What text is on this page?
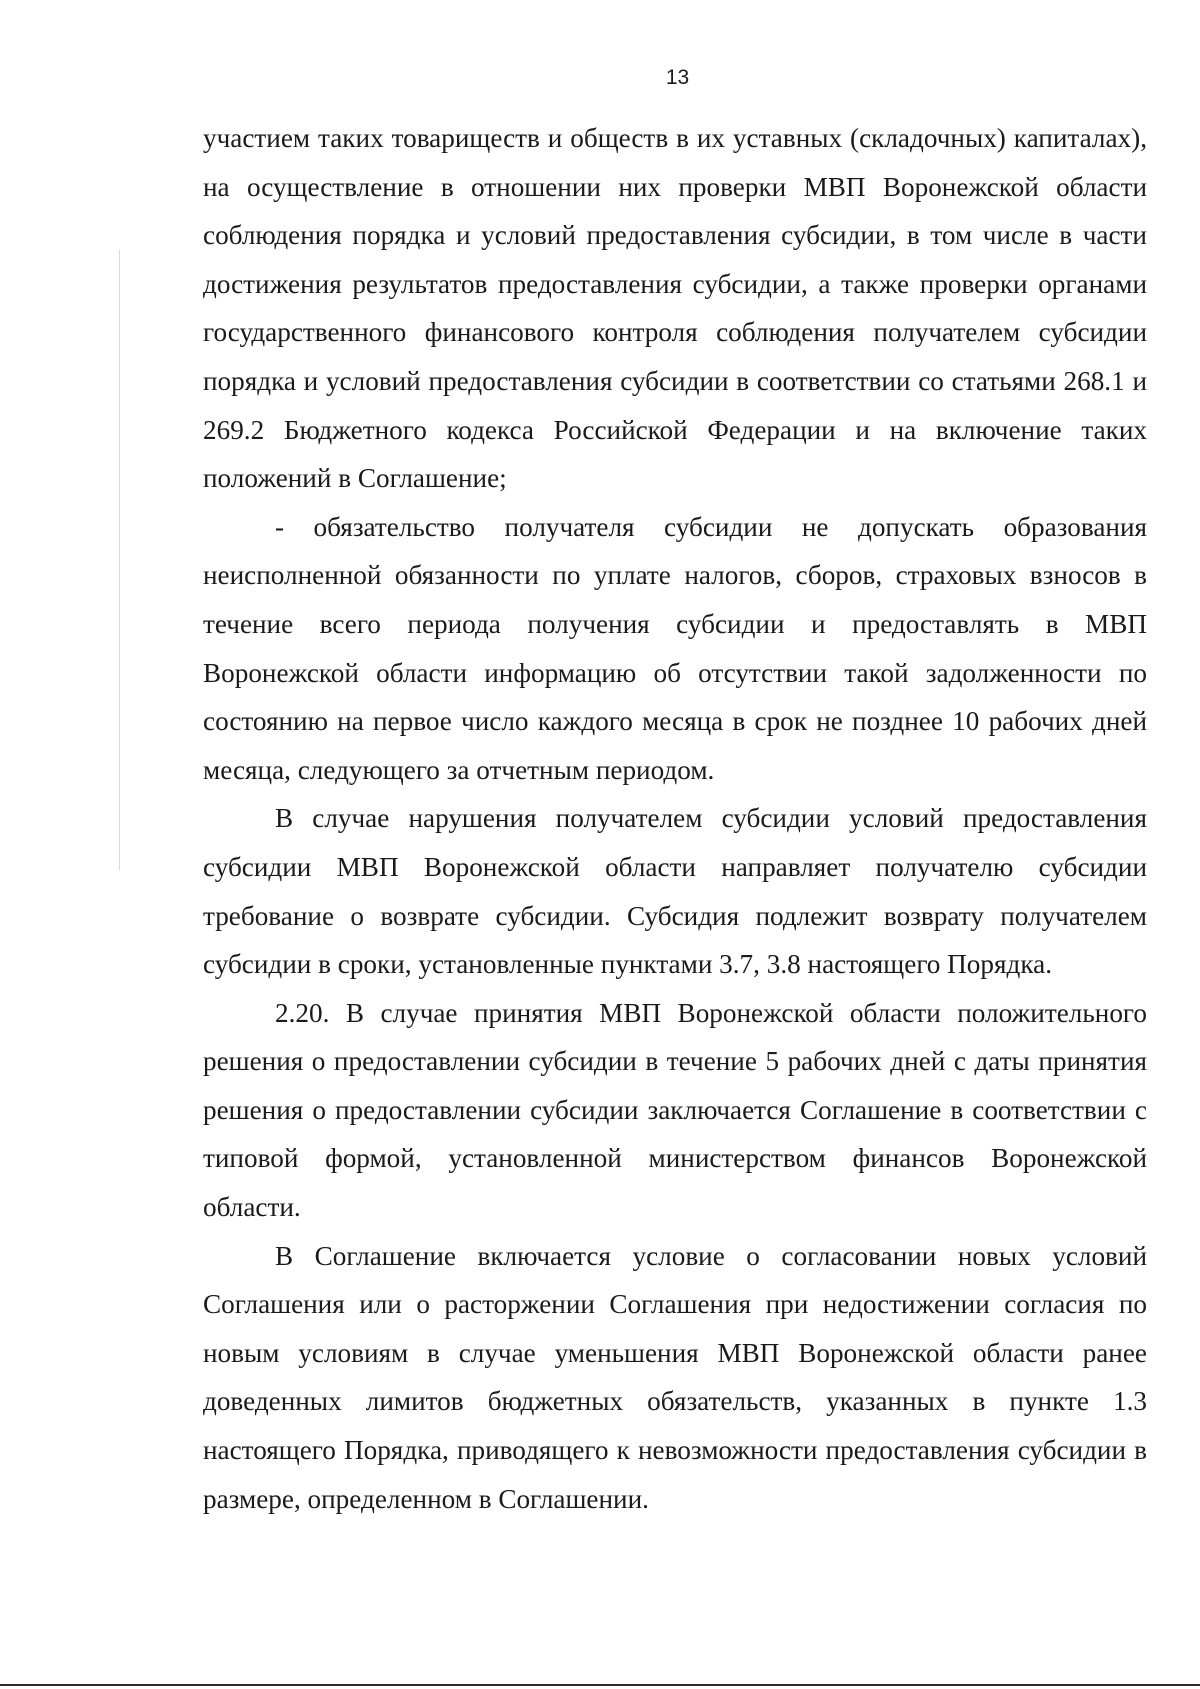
13

участием таких товариществ и обществ в их уставных (складочных) капиталах), на осуществление в отношении них проверки МВП Воронежской области соблюдения порядка и условий предоставления субсидии, в том числе в части достижения результатов предоставления субсидии, а также проверки органами государственного финансового контроля соблюдения получателем субсидии порядка и условий предоставления субсидии в соответствии со статьями 268.1 и 269.2 Бюджетного кодекса Российской Федерации и на включение таких положений в Соглашение;

- обязательство получателя субсидии не допускать образования неисполненной обязанности по уплате налогов, сборов, страховых взносов в течение всего периода получения субсидии и предоставлять в МВП Воронежской области информацию об отсутствии такой задолженности по состоянию на первое число каждого месяца в срок не позднее 10 рабочих дней месяца, следующего за отчетным периодом.

В случае нарушения получателем субсидии условий предоставления субсидии МВП Воронежской области направляет получателю субсидии требование о возврате субсидии. Субсидия подлежит возврату получателем субсидии в сроки, установленные пунктами 3.7, 3.8 настоящего Порядка.

2.20. В случае принятия МВП Воронежской области положительного решения о предоставлении субсидии в течение 5 рабочих дней с даты принятия решения о предоставлении субсидии заключается Соглашение в соответствии с типовой формой, установленной министерством финансов Воронежской области.

В Соглашение включается условие о согласовании новых условий Соглашения или о расторжении Соглашения при недостижении согласия по новым условиям в случае уменьшения МВП Воронежской области ранее доведенных лимитов бюджетных обязательств, указанных в пункте 1.3 настоящего Порядка, приводящего к невозможности предоставления субсидии в размере, определенном в Соглашении.
